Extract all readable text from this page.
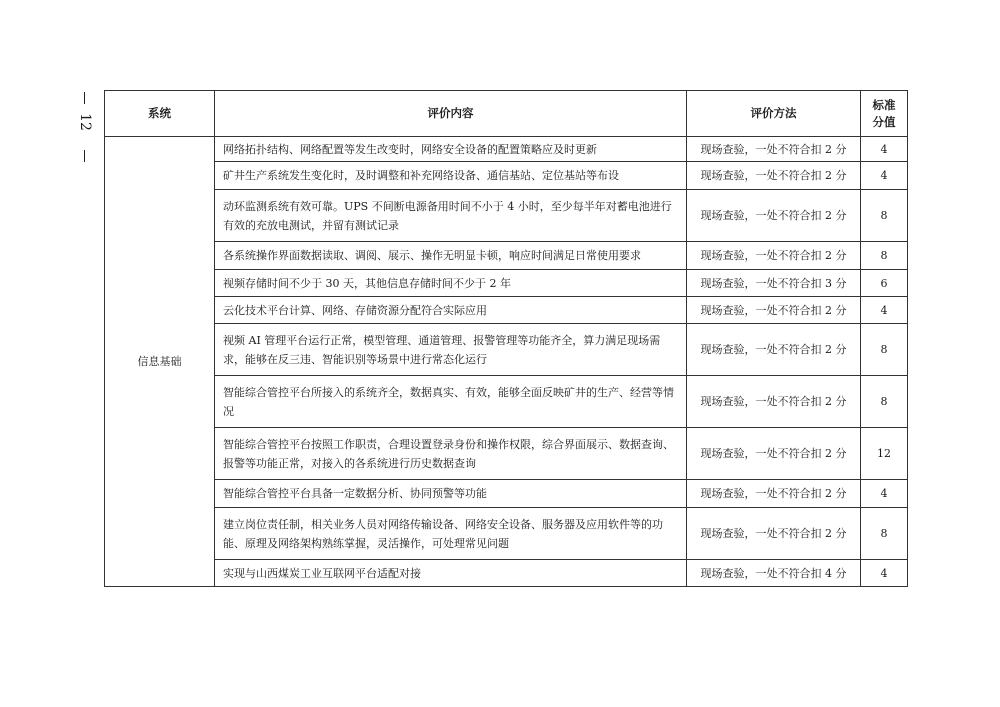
12
系统	评价内容	评价方法	标准
分值

信息基础	网络拓扑结构、网络配置等发生改变时，网络安全设备的配置策略应及时更新	现场查验，一处不符合扣 2 分	4
	矿井生产系统发生变化时，及时调整和补充网络设备、通信基站、定位基站等布设	现场查验，一处不符合扣 2 分	4
	动环监测系统有效可靠。UPS 不间断电源备用时间不小于 4 小时，至少每半年对蓄电池进行有效的充放电测试，并留有测试记录	现场查验，一处不符合扣 2 分	8
	各系统操作界面数据读取、调阅、展示、操作无明显卡顿，响应时间满足日常使用要求	现场查验，一处不符合扣 2 分	8
	视频存储时间不少于 30 天，其他信息存储时间不少于 2 年	现场查验，一处不符合扣 3 分	6
	云化技术平台计算、网络、存储资源分配符合实际应用	现场查验，一处不符合扣 2 分	4
	视频 AI 管理平台运行正常，模型管理、通道管理、报警管理等功能齐全，算力满足现场需求，能够在反三违、智能识别等场景中进行常态化运行	现场查验，一处不符合扣 2 分	8
	智能综合管控平台所接入的系统齐全，数据真实、有效，能够全面反映矿井的生产、经营等情况	现场查验，一处不符合扣 2 分	8
	智能综合管控平台按照工作职责，合理设置登录身份和操作权限，综合界面展示、数据查询、报警等功能正常，对接入的各系统进行历史数据查询	现场查验，一处不符合扣 2 分	12
	智能综合管控平台具备一定数据分析、协同预警等功能	现场查验，一处不符合扣 2 分	4
	建立岗位责任制，相关业务人员对网络传输设备、网络安全设备、服务器及应用软件等的功能、原理及网络架构熟练掌握，灵活操作，可处理常见问题	现场查验，一处不符合扣 2 分	8
	实现与山西煤炭工业互联网平台适配对接	现场查验，一处不符合扣 4 分	4
